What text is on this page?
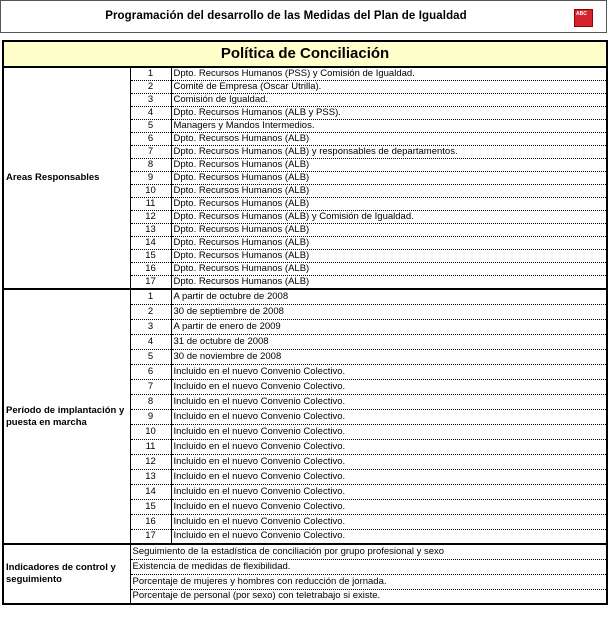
Programación del desarrollo de las Medidas del Plan de Igualdad	ABC
Política de Conciliación		
Areas Responsables	1	Dpto. Recursos Humanos (PSS) y Comisión de Igualdad.
	2	Comité de Empresa (Oscar Utrilla).
	3	Comisión de Igualdad.
	4	Dpto. Recursos Humanos (ALB y PSS).
	5	Managers y Mandos Intermedios.
	6	Dpto. Recursos Humanos (ALB)
	7	Dpto. Recursos Humanos (ALB) y responsables de departamentos.
	8	Dpto. Recursos Humanos (ALB)
	9	Dpto. Recursos Humanos (ALB)
	10	Dpto. Recursos Humanos (ALB)
	11	Dpto. Recursos Humanos (ALB)
	12	Dpto. Recursos Humanos (ALB) y Comisión de Igualdad.
	13	Dpto. Recursos Humanos (ALB)
	14	Dpto. Recursos Humanos (ALB)
	15	Dpto. Recursos Humanos (ALB)
	16	Dpto. Recursos Humanos (ALB)
	17	Dpto. Recursos Humanos (ALB)
Período de implantación y puesta en marcha	1	A partir de octubre de 2008
	2	30 de septiembre de 2008
	3	A partir de enero de 2009
	4	31 de octubre de 2008
	5	30 de noviembre de 2008
	6	Incluido en el nuevo Convenio Colectivo.
	7	Incluido en el nuevo Convenio Colectivo.
	8	Incluido en el nuevo Convenio Colectivo.
	9	Incluido en el nuevo Convenio Colectivo.
	10	Incluido en el nuevo Convenio Colectivo.
	11	Incluido en el nuevo Convenio Colectivo.
	12	Incluido en el nuevo Convenio Colectivo.
	13	Incluido en el nuevo Convenio Colectivo.
	14	Incluido en el nuevo Convenio Colectivo.
	15	Incluido en el nuevo Convenio Colectivo.
	16	Incluido en el nuevo Convenio Colectivo.
	17	Incluido en el nuevo Convenio Colectivo.
Indicadores de control y seguimiento	Seguimiento de la estadística de conciliación por grupo profesional y sexo	
	Existencia de medidas de flexibilidad.	
	Porcentaje de mujeres y hombres con reducción de jornada.	
	Porcentaje de personal (por sexo) con teletrabajo si existe.	
